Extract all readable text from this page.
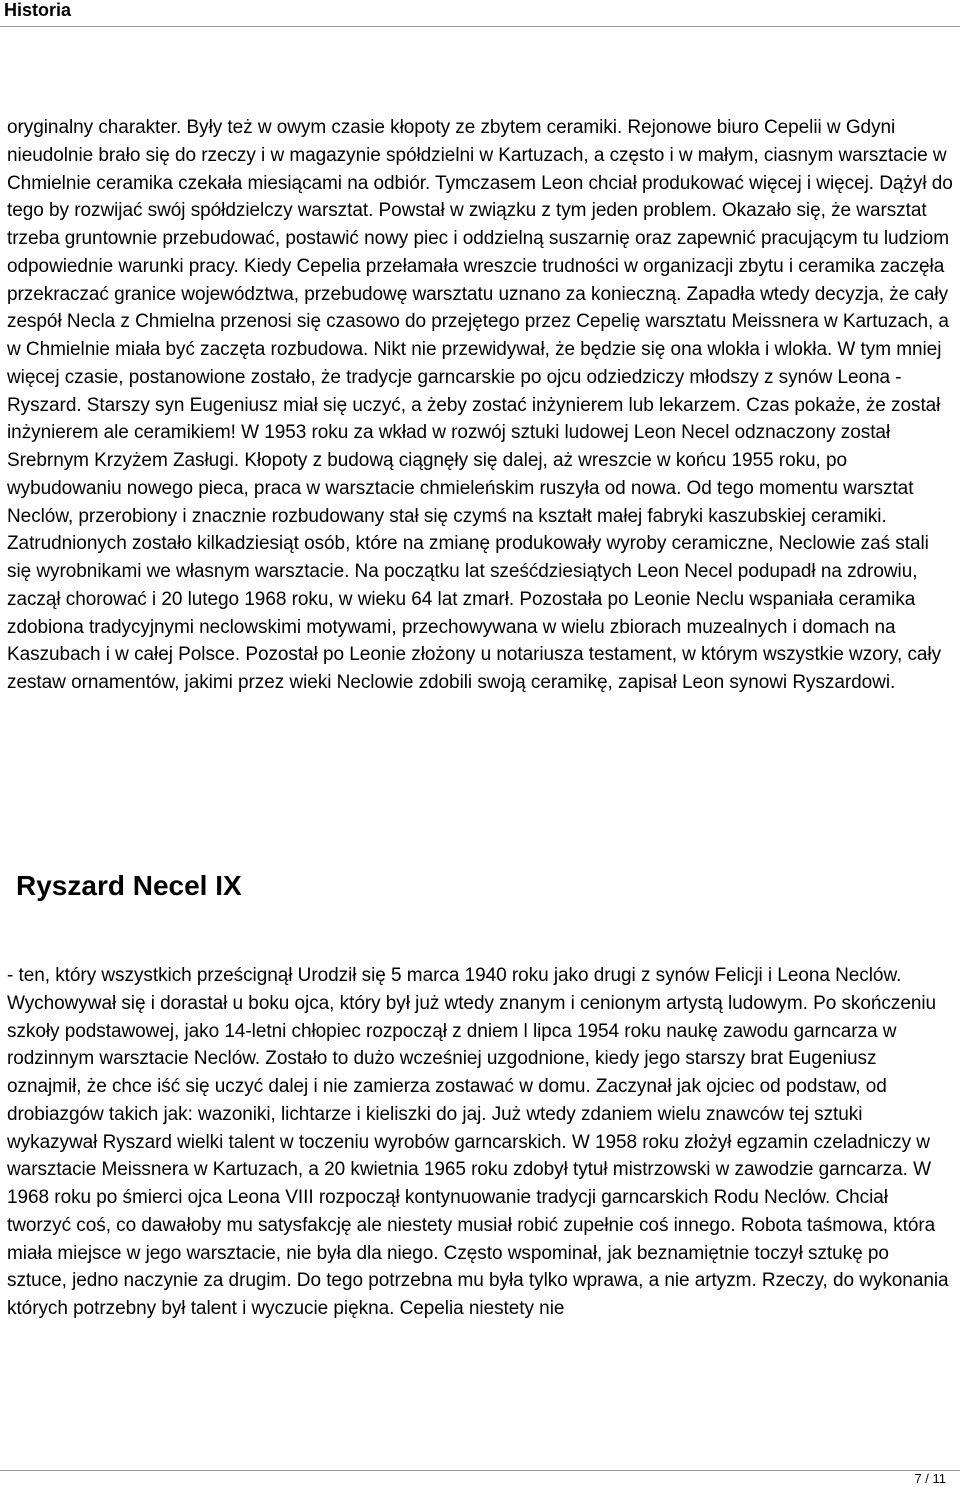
Historia

oryginalny charakter. Były też w owym czasie kłopoty ze zbytem ceramiki. Rejonowe biuro Cepelii w Gdyni nieudolnie brało się do rzeczy i w magazynie spółdzielni w Kartuzach, a często i w małym, ciasnym warsztacie w Chmielnie ceramika czekała miesiącami na odbiór. Tymczasem Leon chciał produkować więcej i więcej. Dążył do tego by rozwijać swój spółdzielczy warsztat. Powstał w związku z tym jeden problem. Okazało się, że warsztat trzeba gruntownie przebudować, postawić nowy piec i oddzielną suszarnię oraz zapewnić pracującym tu ludziom odpowiednie warunki pracy. Kiedy Cepelia przełamała wreszcie trudności w organizacji zbytu i ceramika zaczęła przekraczać granice województwa, przebudowę warsztatu uznano za konieczną. Zapadła wtedy decyzja, że cały zespół Necla z Chmielna przenosi się czasowo do przejętego przez Cepelię warsztatu Meissnera w Kartuzach, a w Chmielnie miała być zaczęta rozbudowa. Nikt nie przewidywał, że będzie się ona wlokła i wlokła. W tym mniej więcej czasie, postanowione zostało, że tradycje garncarskie po ojcu odziedziczy młodszy z synów Leona - Ryszard. Starszy syn Eugeniusz miał się uczyć, a żeby zostać inżynierem lub lekarzem. Czas pokaże, że został inżynierem ale ceramikiem! W 1953 roku za wkład w rozwój sztuki ludowej Leon Necel odznaczony został Srebrnym Krzyżem Zasługi. Kłopoty z budową ciągnęły się dalej, aż wreszcie w końcu 1955 roku, po wybudowaniu nowego pieca, praca w warsztacie chmieleńskim ruszyła od nowa. Od tego momentu warsztat Neclów, przerobiony i znacznie rozbudowany stał się czymś na kształt małej fabryki kaszubskiej ceramiki. Zatrudnionych zostało kilkadziesiąt osób, które na zmianę produkowały wyroby ceramiczne, Neclowie zaś stali się wyrobnikami we własnym warsztacie. Na początku lat sześćdziesiątych Leon Necel podupadł na zdrowiu, zaczął chorować i 20 lutego 1968 roku, w wieku 64 lat zmarł. Pozostała po Leonie Neclu wspaniała ceramika zdobiona tradycyjnymi neclowskimi motywami, przechowywana w wielu zbiorach muzealnych i domach na Kaszubach i w całej Polsce. Pozostał po Leonie złożony u notariusza testament, w którym wszystkie wzory, cały zestaw ornamentów, jakimi przez wieki Neclowie zdobili swoją ceramikę, zapisał Leon synowi Ryszardowi.

Ryszard Necel IX

- ten, który wszystkich prześcignął Urodził się 5 marca 1940 roku jako drugi z synów Felicji i Leona Neclów. Wychowywał się i dorastał u boku ojca, który był już wtedy znanym i cenionym artystą ludowym. Po skończeniu szkoły podstawowej, jako 14-letni chłopiec rozpoczął z dniem l lipca 1954 roku naukę zawodu garncarza w rodzinnym warsztacie Neclów. Zostało to dużo wcześniej uzgodnione, kiedy jego starszy brat Eugeniusz oznajmił, że chce iść się uczyć dalej i nie zamierza zostawać w domu. Zaczynał jak ojciec od podstaw, od drobiazgów takich jak: wazoniki, lichtarze i kieliszki do jaj. Już wtedy zdaniem wielu znawców tej sztuki wykazywał Ryszard wielki talent w toczeniu wyrobów garncarskich. W 1958 roku złożył egzamin czeladniczy w warsztacie Meissnera w Kartuzach, a 20 kwietnia 1965 roku zdobył tytuł mistrzowski w zawodzie garncarza. W 1968 roku po śmierci ojca Leona VIII rozpoczął kontynuowanie tradycji garncarskich Rodu Neclów. Chciał tworzyć coś, co dawałoby mu satysfakcję ale niestety musiał robić zupełnie coś innego. Robota taśmowa, która miała miejsce w jego warsztacie, nie była dla niego. Często wspominał, jak beznamiętnie toczył sztukę po sztuce, jedno naczynie za drugim. Do tego potrzebna mu była tylko wprawa, a nie artyzm. Rzeczy, do wykonania których potrzebny był talent i wyczucie piękna. Cepelia niestety nie

7 / 11
